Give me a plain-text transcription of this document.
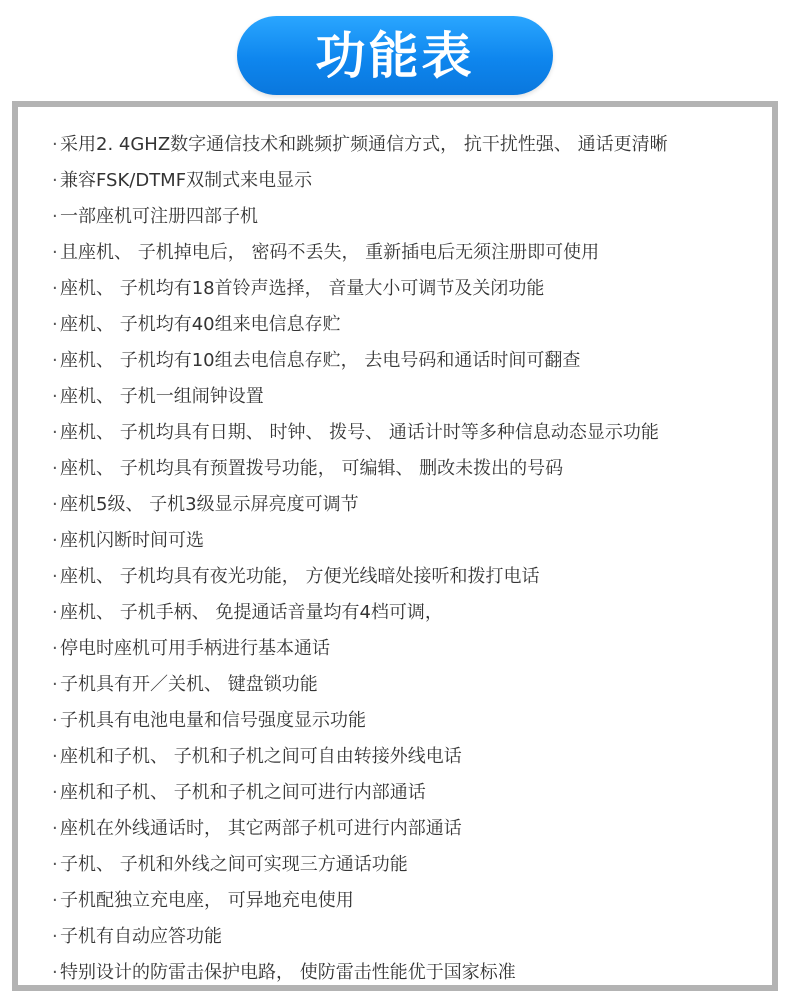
功能表
· 采用2. 4GHZ数字通信技术和跳频扩频通信方式， 抗干扰性强、 通话更清晰
· 兼容FSK/DTMF双制式来电显示
· 一部座机可注册四部子机
· 且座机、 子机掉电后， 密码不丢失， 重新插电后无须注册即可使用
· 座机、 子机均有18首铃声选择， 音量大小可调节及关闭功能
· 座机、 子机均有40组来电信息存贮
· 座机、 子机均有10组去电信息存贮， 去电号码和通话时间可翻查
· 座机、 子机一组闹钟设置
· 座机、 子机均具有日期、 时钟、 拨号、 通话计时等多种信息动态显示功能
· 座机、 子机均具有预置拨号功能， 可编辑、 删改未拨出的号码
· 座机5级、 子机3级显示屏亮度可调节
· 座机闪断时间可选
· 座机、 子机均具有夜光功能， 方便光线暗处接听和拨打电话
· 座机、 子机手柄、 免提通话音量均有4档可调，
· 停电时座机可用手柄进行基本通话
· 子机具有开／关机、 键盘锁功能
· 子机具有电池电量和信号强度显示功能
· 座机和子机、 子机和子机之间可自由转接外线电话
· 座机和子机、 子机和子机之间可进行内部通话
· 座机在外线通话时， 其它两部子机可进行内部通话
· 子机、 子机和外线之间可实现三方通话功能
· 子机配独立充电座， 可异地充电使用
· 子机有自动应答功能
· 特别设计的防雷击保护电路， 使防雷击性能优于国家标准
